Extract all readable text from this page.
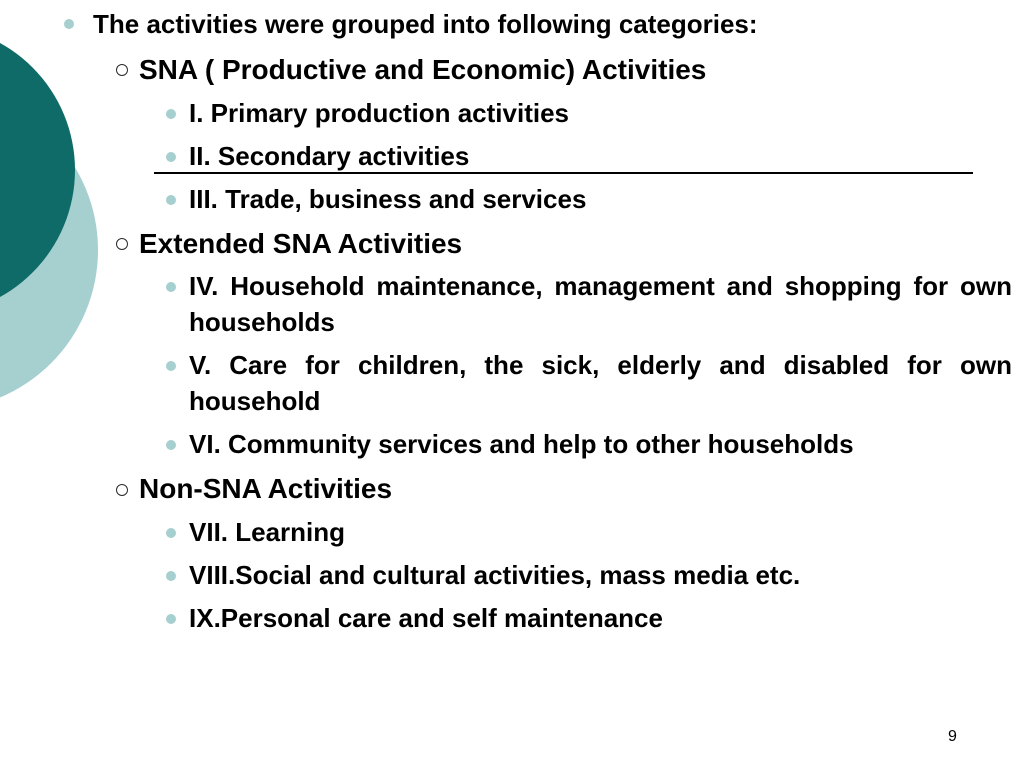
The activities were grouped into following categories:
SNA ( Productive and Economic) Activities
I. Primary production activities
II. Secondary activities
III. Trade, business and services
Extended SNA Activities
IV. Household maintenance, management and shopping for own households
V. Care for children, the sick, elderly and disabled for own household
VI. Community services and help to other households
Non-SNA Activities
VII. Learning
VIII.Social and cultural activities, mass media etc.
IX.Personal care and self maintenance
9
